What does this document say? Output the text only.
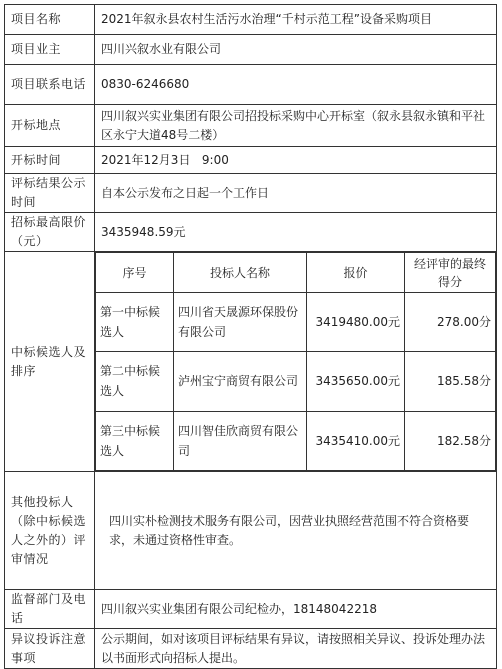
项目名称	2021年叙永县农村生活污水治理“千村示范工程”设备采购项目
项目业主	四川兴叙水业有限公司
项目联系电话	0830-6246680
开标地点	四川叙兴实业集团有限公司招投标采购中心开标室（叙永县叙永镇和平社区永宁大道48号二楼）
开标时间	2021年12月3日   9:00
评标结果公示时间	自本公示发布之日起一个工作日
招标最高限价（元）	3435948.59元
中标候选人及排序	
序号	投标人名称	报价	经评审的最终得分
第一中标候选人	四川省天晟源环保股份有限公司	3419480.00元	278.00分
第二中标候选人	泸州宝宁商贸有限公司	3435650.00元	185.58分
第三中标候选人	四川智佳欣商贸有限公司	3435410.00元	182.58分

其他投标人（除中标候选人之外的）评审情况	四川实朴检测技术服务有限公司，因营业执照经营范围不符合资格要求，未通过资格性审查。
监督部门及电话	四川叙兴实业集团有限公司纪检办，18148042218
异议投诉注意事项	公示期间，如对该项目评标结果有异议，请按照相关异议、投诉处理办法以书面形式向招标人提出。
